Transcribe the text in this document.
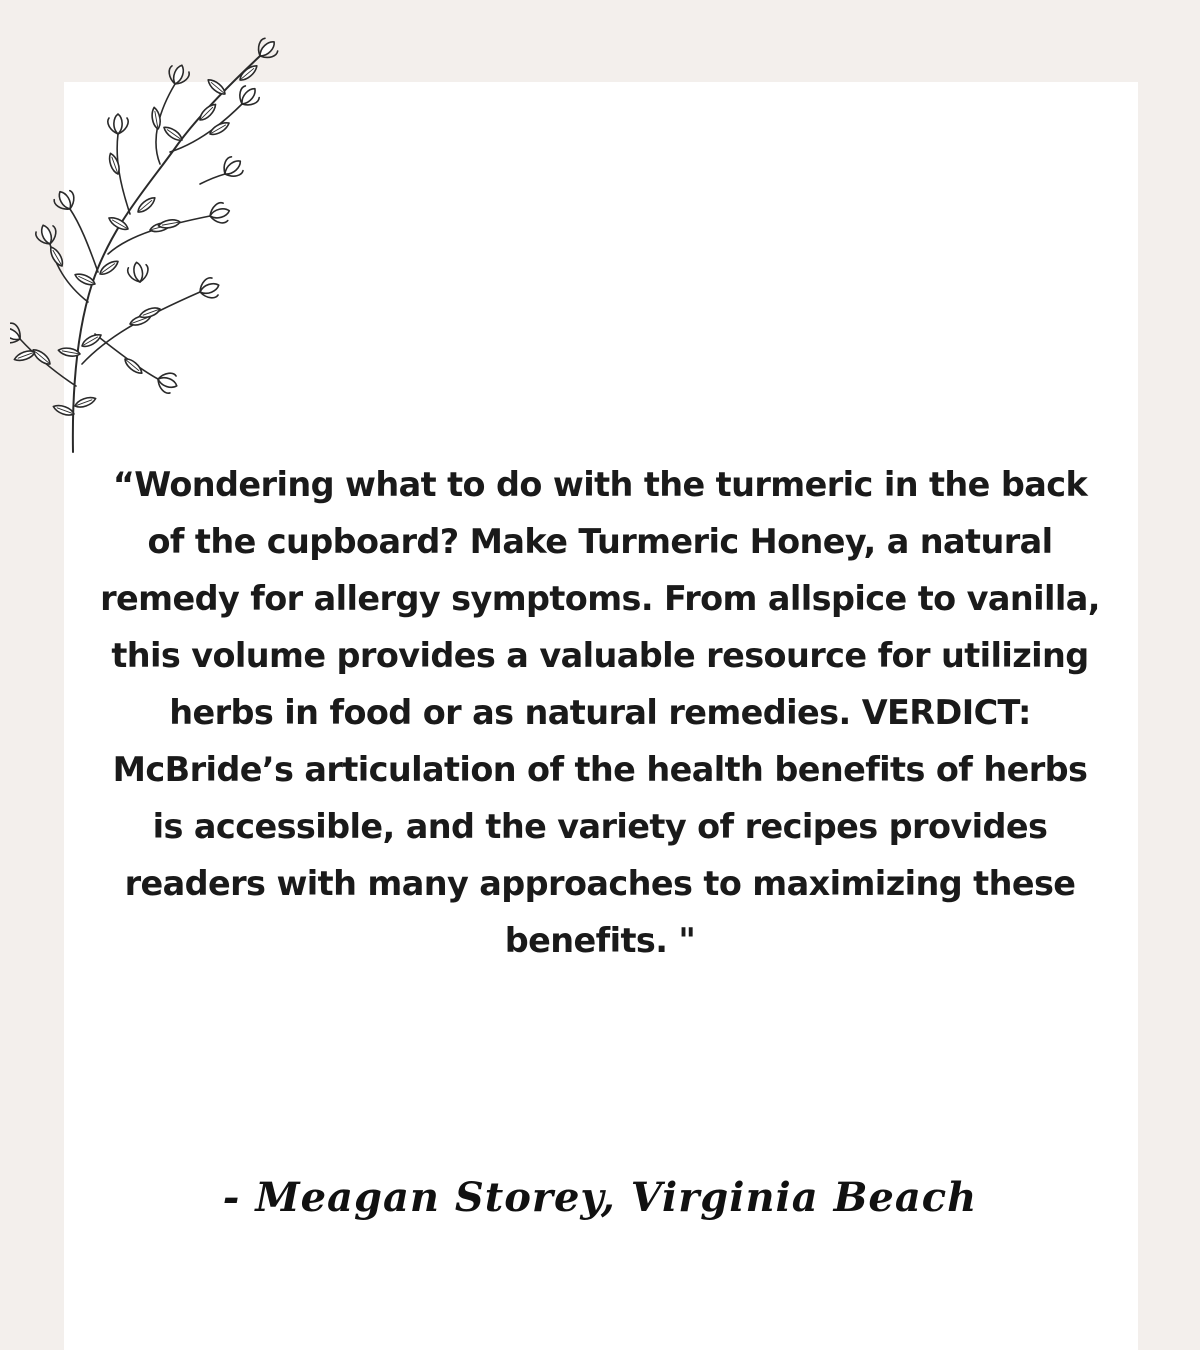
“Wondering what to do with the turmeric in the back of the cupboard? Make Turmeric Honey, a natural remedy for allergy symptoms. From allspice to vanilla, this volume provides a valuable resource for utilizing herbs in food or as natural remedies. VERDICT: McBride’s articulation of the health benefits of herbs is accessible, and the variety of recipes provides readers with many approaches to maximizing these benefits. "

- Meagan Storey, Virginia Beach
